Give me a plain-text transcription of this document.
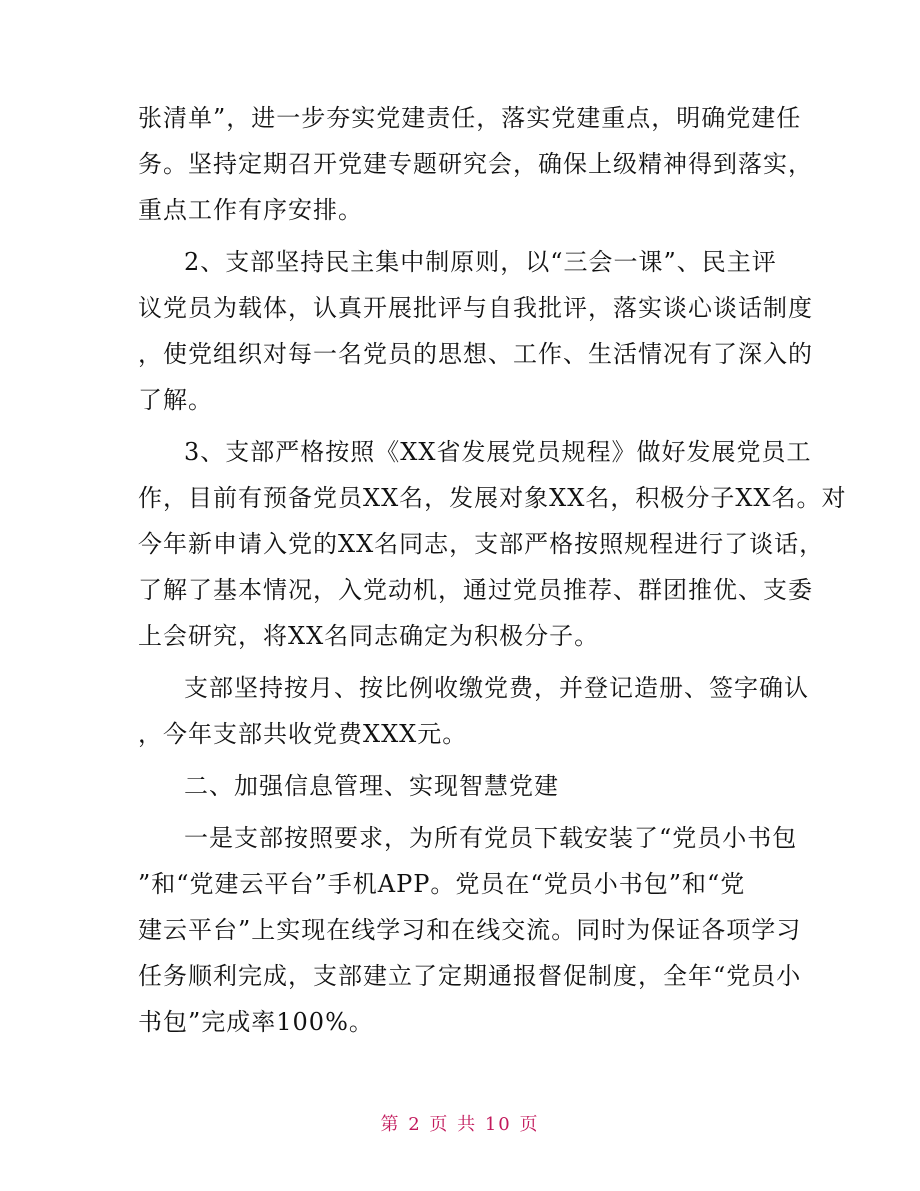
张清单”，进一步夯实党建责任，落实党建重点，明确党建任
务。坚持定期召开党建专题研究会，确保上级精神得到落实，
重点工作有序安排。
2、支部坚持民主集中制原则，以“三会一课”、民主评
议党员为载体，认真开展批评与自我批评，落实谈心谈话制度
，使党组织对每一名党员的思想、工作、生活情况有了深入的
了解。
3、支部严格按照《XX省发展党员规程》做好发展党员工
作，目前有预备党员XX名，发展对象XX名，积极分子XX名。对
今年新申请入党的XX名同志，支部严格按照规程进行了谈话，
了解了基本情况，入党动机，通过党员推荐、群团推优、支委
上会研究，将XX名同志确定为积极分子。
支部坚持按月、按比例收缴党费，并登记造册、签字确认
，今年支部共收党费XXX元。
二、加强信息管理、实现智慧党建
一是支部按照要求，为所有党员下载安装了“党员小书包
”和“党建云平台”手机APP。党员在“党员小书包”和“党
建云平台”上实现在线学习和在线交流。同时为保证各项学习
任务顺利完成，支部建立了定期通报督促制度，全年“党员小
书包”完成率100%。
第 2 页 共 10 页
